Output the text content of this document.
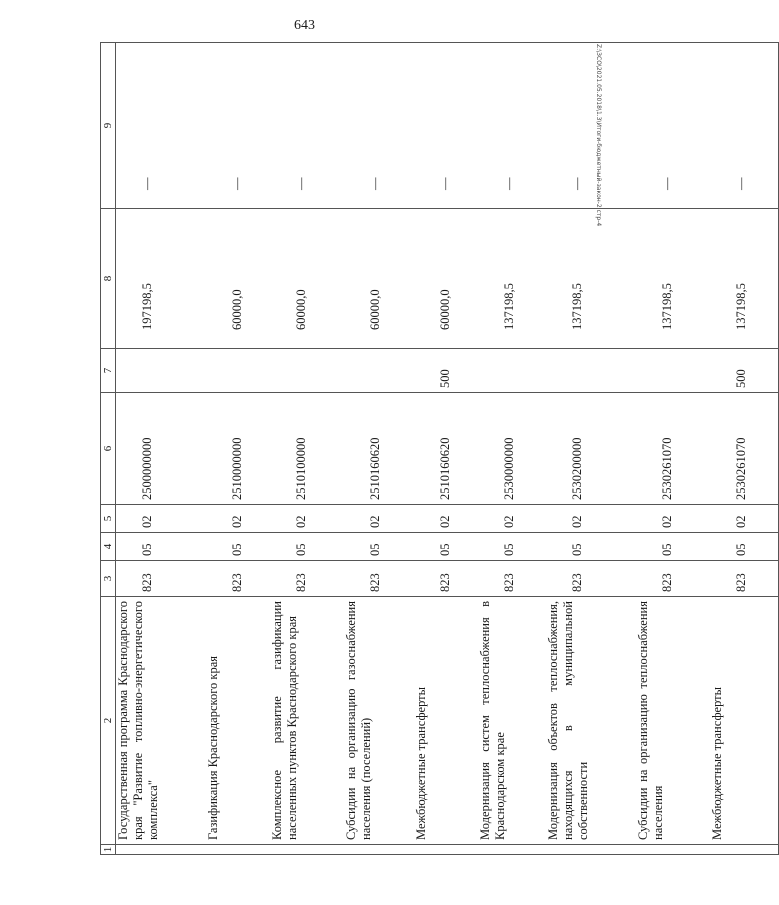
643
Z:\ЗСО\2021.05.2018\1.3\Итоги-бюджетный-закон-2 стр-4
1	2	3	4	5	6	7	8	9
	Государственная программа Краснодарского края "Развитие топливно-энергетического комплекса"	823	05	02	2500000000		197198,5	—
	Газификация Краснодарского края	823	05	02	2510000000		60000,0	—
	Комплексное развитие газификации населенных пунктов Краснодарского края	823	05	02	2510100000		60000,0	—
	Субсидии на организацию газоснабжения населения (поселений)	823	05	02	2510160620		60000,0	—
	Межбюджетные трансферты	823	05	02	2510160620	500	60000,0	—
	Модернизация систем теплоснабжения в Краснодарском крае	823	05	02	2530000000		137198,5	—
	Модернизация объектов теплоснабжения, находящихся в муниципальной собственности	823	05	02	2530200000		137198,5	—
	Субсидии на организацию теплоснабжения населения	823	05	02	2530261070		137198,5	—
	Межбюджетные трансферты	823	05	02	2530261070	500	137198,5	—
